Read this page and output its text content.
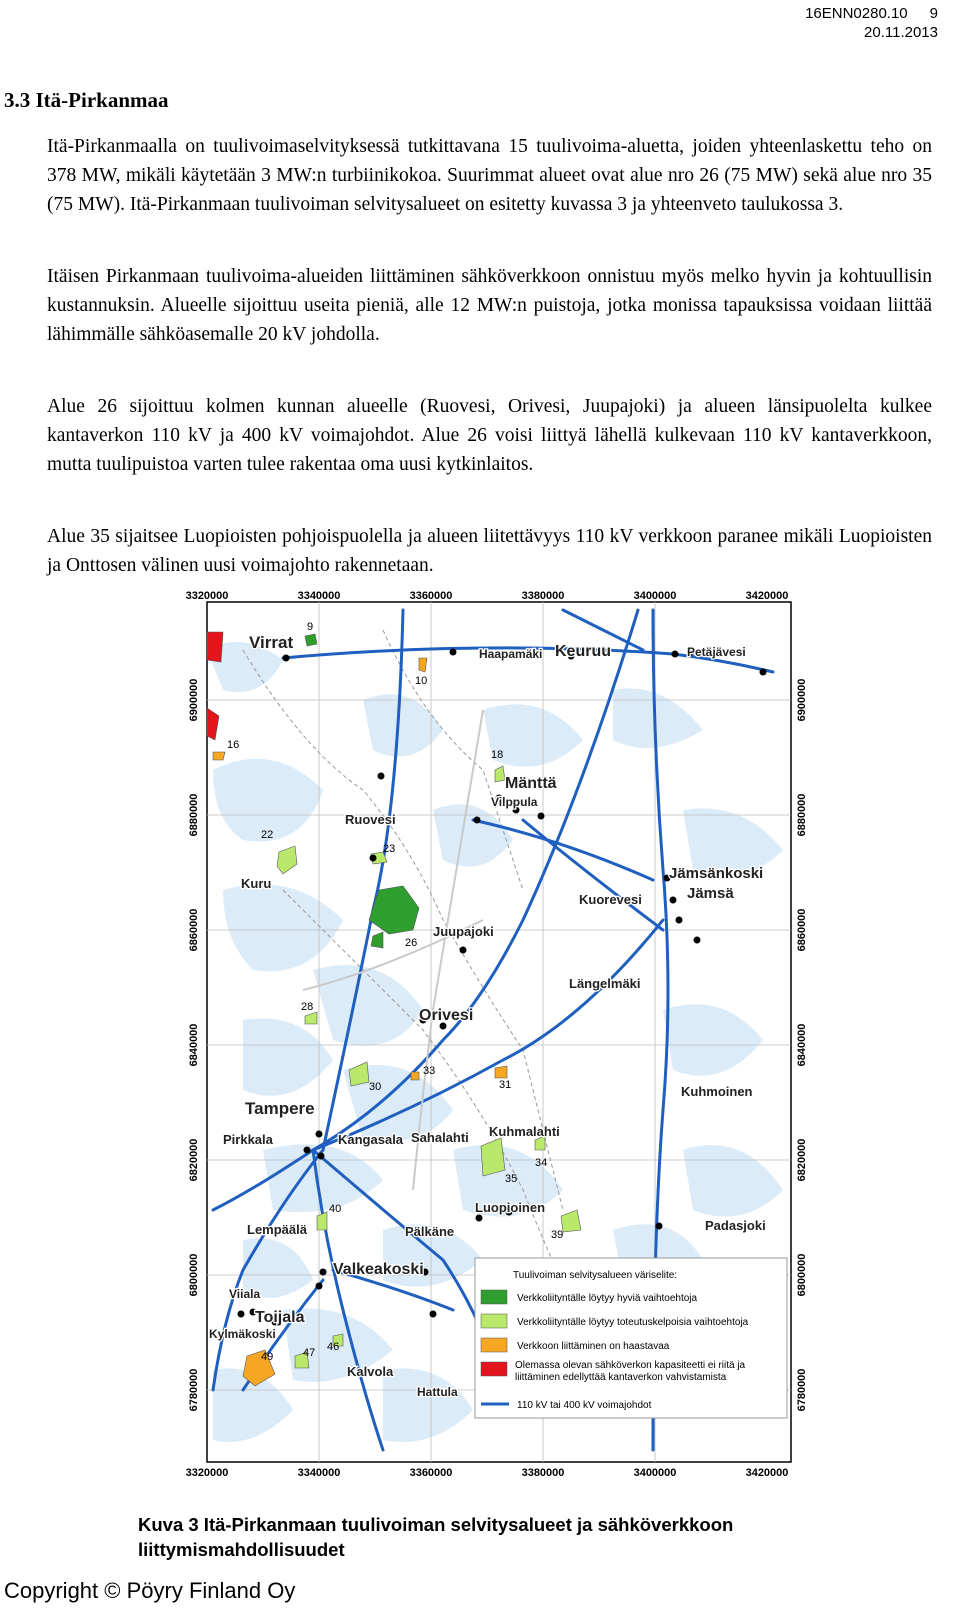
16ENN0280.10 9
20.11.2013
3.3 Itä-Pirkanmaa

Itä-Pirkanmaalla on tuulivoimaselvityksessä tutkittavana 15 tuulivoima-aluetta, joiden yhteenlaskettu teho on 378 MW, mikäli käytetään 3 MW:n turbiinikokoa. Suurimmat alueet ovat alue nro 26 (75 MW) sekä alue nro 35 (75 MW). Itä-Pirkanmaan tuulivoiman selvitysalueet on esitetty kuvassa 3 ja yhteenveto taulukossa 3.

Itäisen Pirkanmaan tuulivoima-alueiden liittäminen sähköverkkoon onnistuu myös melko hyvin ja kohtuullisin kustannuksin. Alueelle sijoittuu useita pieniä, alle 12 MW:n puistoja, jotka monissa tapauksissa voidaan liittää lähimmälle sähköasemalle 20 kV johdolla.

Alue 26 sijoittuu kolmen kunnan alueelle (Ruovesi, Orivesi, Juupajoki) ja alueen länsipuolelta kulkee kantaverkon 110 kV ja 400 kV voimajohdot. Alue 26 voisi liittyä lähellä kulkevaan 110 kV kantaverkkoon, mutta tuulipuistoa varten tulee rakentaa oma uusi kytkinlaitos.

Alue 35 sijaitsee Luopioisten pohjoispuolella ja alueen liitettävyys 110 kV verkkoon paranee mikäli Luopioisten ja Onttosen välinen uusi voimajohto rakennetaan.

3320000	3340000	3360000	3380000	3400000	3420000
3320000	3340000	3360000	3380000	3400000	3420000
6900000
6880000
6860000
6840000
6820000
6800000
6780000
6900000
6880000
6860000
6840000
6820000
6800000
6780000
Virrat
Haapamäki Keuruu	Petäjävesi
Mänttä
Vilppula
Ruovesi
Kuru
Jämsänkoski
Jämsä
Kuorevesi
Juupajoki
Längelmäki
Orivesi
Kuhmoinen
Tampere
Pirkkala	Kangasala Sahalahti Kuhmalahti
Luopioinen
Padasjoki
Lempäälä	Pälkäne
Valkeakoski
Viiala
Toijala
Kylmäkoski
Kalvola
Hattula
9
10
16
18
22
23
26
28
30
33
31
34
35
39
40
46
47
49
Tuulivoiman selvitysalueen väriselite:
Verkkoliityntälle löytyy hyviä vaihtoehtoja
Verkkoliityntälle löytyy toteutuskelpoisia vaihtoehtoja
Verkkoon liittäminen on haastavaa
Olemassa olevan sähköverkon kapasiteetti ei riitä ja liittäminen edellyttää kantaverkon vahvistamista
110 kV tai 400 kV voimajohdot
Kuva 3 Itä-Pirkanmaan tuulivoiman selvitysalueet ja sähköverkkoon liittymismahdollisuudet
Copyright © Pöyry Finland Oy
